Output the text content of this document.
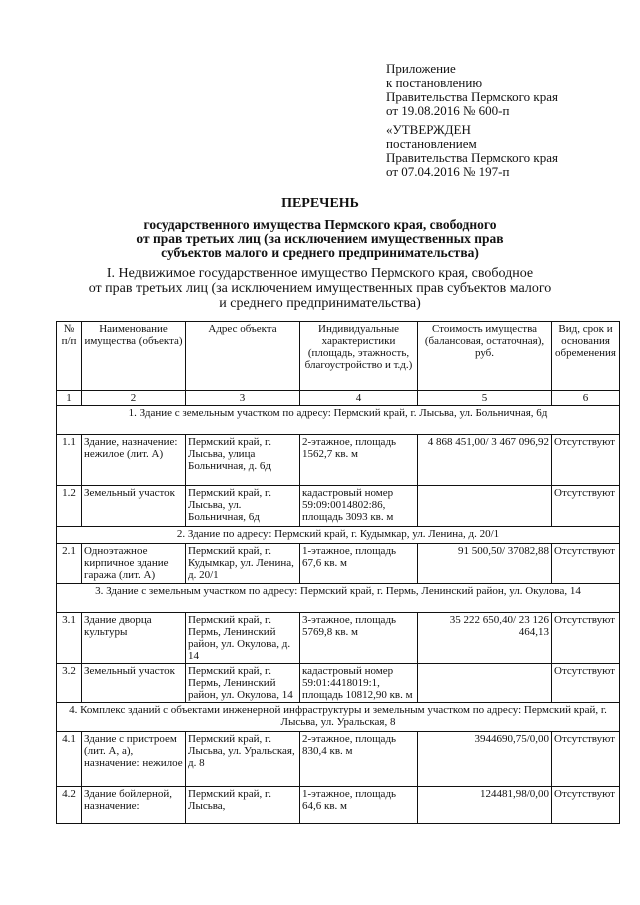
Приложение
к постановлению
Правительства Пермского края
от 19.08.2016 № 600-п
«УТВЕРЖДЕН
постановлением
Правительства Пермского края
от 07.04.2016 № 197-п
ПЕРЕЧЕНЬ
государственного имущества Пермского края, свободного
от прав третьих лиц (за исключением имущественных прав
субъектов малого и среднего предпринимательства)
I. Недвижимое государственное имущество Пермского края, свободное
от прав третьих лиц (за исключением имущественных прав субъектов малого
и среднего предпринимательства)
№ п/п	Наименование имущества (объекта)	Адрес объекта	Индивидуальные характеристики (площадь, этажность, благоустройство и т.д.)	Стоимость имущества (балансовая, остаточная), руб.	Вид, срок и основания обременения
1	2	3	4	5	6
1. Здание с земельным участком по адресу: Пермский край, г. Лысьва, ул. Больничная, 6д					
1.1	Здание, назначение: нежилое (лит. А)	Пермский край, г. Лысьва, улица Больничная, д. 6д	2-этажное, площадь 1562,7 кв. м	4 868 451,00/ 3 467 096,92	Отсутствуют
1.2	Земельный участок	Пермский край, г. Лысьва, ул. Больничная, 6д	кадастровый номер 59:09:0014802:86, площадь 3093 кв. м		Отсутствуют
2. Здание по адресу: Пермский край, г. Кудымкар, ул. Ленина, д. 20/1					
2.1	Одноэтажное кирпичное здание гаража (лит. А)	Пермский край, г. Кудымкар, ул. Ленина, д. 20/1	1-этажное, площадь 67,6 кв. м	91 500,50/ 37082,88	Отсутствуют
3. Здание с земельным участком по адресу: Пермский край, г. Пермь, Ленинский район, ул. Окулова, 14					
3.1	Здание дворца культуры	Пермский край, г. Пермь, Ленинский район, ул. Окулова, д. 14	3-этажное, площадь 5769,8 кв. м	35 222 650,40/ 23 126 464,13	Отсутствуют
3.2	Земельный участок	Пермский край, г. Пермь, Ленинский район, ул. Окулова, 14	кадастровый номер 59:01:4418019:1, площадь 10812,90 кв. м		Отсутствуют
4. Комплекс зданий с объектами инженерной инфраструктуры и земельным участком по адресу: Пермский край, г. Лысьва, ул. Уральская, 8					
4.1	Здание с пристроем (лит. А, а), назначение: нежилое	Пермский край, г. Лысьва, ул. Уральская, д. 8	2-этажное, площадь 830,4 кв. м	3944690,75/0,00	Отсутствуют
4.2	Здание бойлерной, назначение:	Пермский край, г. Лысьва,	1-этажное, площадь 64,6 кв. м	124481,98/0,00	Отсутствуют
